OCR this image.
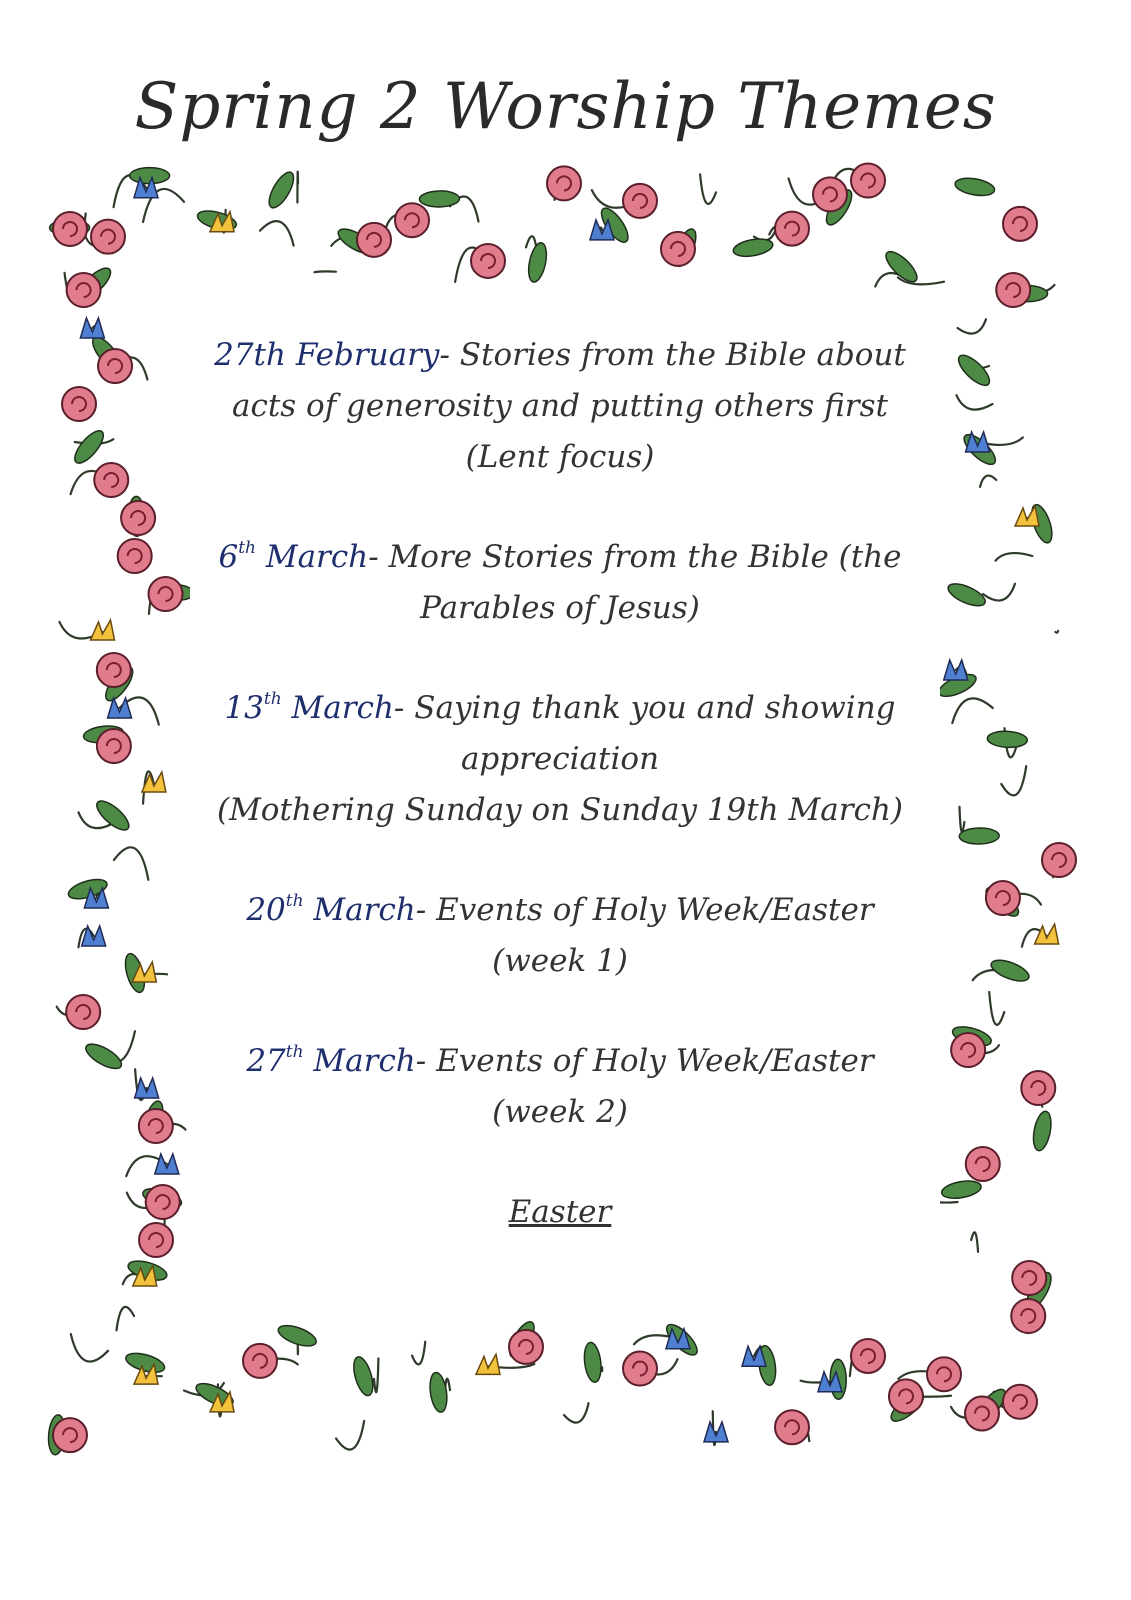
Spring 2 Worship Themes
27th February- Stories from the Bible about
acts of generosity and putting others first
(Lent focus)
6th March- More Stories from the Bible (the
Parables of Jesus)
13th March- Saying thank you and showing
appreciation
(Mothering Sunday on Sunday 19th March)
20th March- Events of Holy Week/Easter
(week 1)
27th March- Events of Holy Week/Easter
(week 2)
Easter
